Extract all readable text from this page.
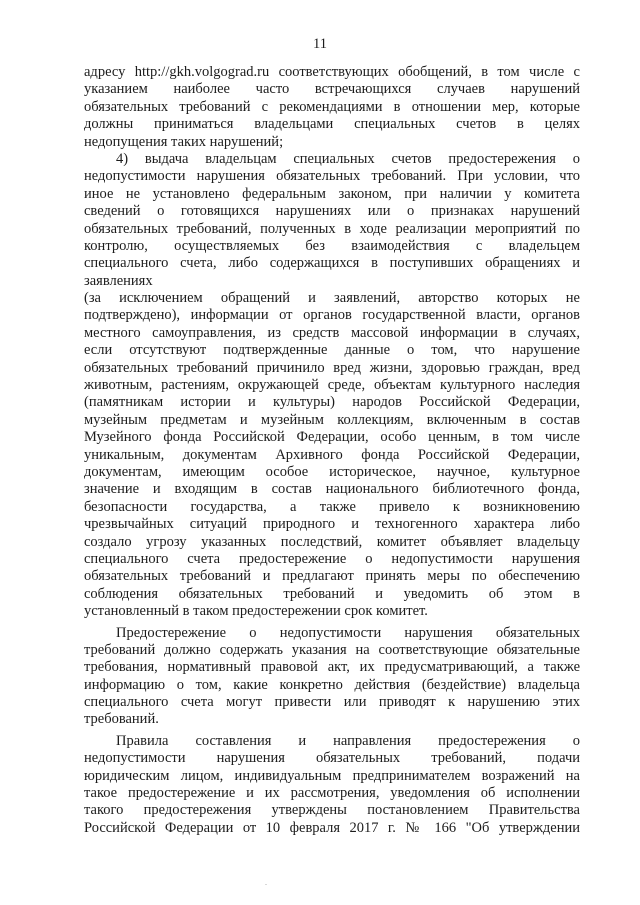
11
адресу http://gkh.volgograd.ru соответствующих обобщений, в том числе с
указанием наиболее часто встречающихся случаев нарушений
обязательных требований с рекомендациями в отношении мер, которые
должны приниматься владельцами специальных счетов в целях
недопущения таких нарушений;
4) выдача владельцам специальных счетов предостережения о
недопустимости нарушения обязательных требований. При условии, что
иное не установлено федеральным законом, при наличии у комитета
сведений о готовящихся нарушениях или о признаках нарушений
обязательных требований, полученных в ходе реализации мероприятий по
контролю, осуществляемых без взаимодействия с владельцем
специального счета, либо содержащихся в поступивших обращениях и
заявлениях
(за исключением обращений и заявлений, авторство которых не
подтверждено), информации от органов государственной власти, органов
местного самоуправления, из средств массовой информации в случаях,
если отсутствуют подтвержденные данные о том, что нарушение
обязательных требований причинило вред жизни, здоровью граждан, вред
животным, растениям, окружающей среде, объектам культурного наследия
(памятникам истории и культуры) народов Российской Федерации,
музейным предметам и музейным коллекциям, включенным в состав
Музейного фонда Российской Федерации, особо ценным, в том числе
уникальным, документам Архивного фонда Российской Федерации,
документам, имеющим особое историческое, научное, культурное
значение и входящим в состав национального библиотечного фонда,
безопасности государства, а также привело к возникновению
чрезвычайных ситуаций природного и техногенного характера либо
создало угрозу указанных последствий, комитет объявляет владельцу
специального счета предостережение о недопустимости нарушения
обязательных требований и предлагают принять меры по обеспечению
соблюдения обязательных требований и уведомить об этом в
установленный в таком предостережении срок комитет.
Предостережение о недопустимости нарушения обязательных
требований должно содержать указания на соответствующие обязательные
требования, нормативный правовой акт, их предусматривающий, а также
информацию о том, какие конкретно действия (бездействие) владельца
специального счета могут привести или приводят к нарушению этих
требований.
Правила составления и направления предостережения о
недопустимости нарушения обязательных требований, подачи
юридическим лицом, индивидуальным предпринимателем возражений на
такое предостережение и их рассмотрения, уведомления об исполнении
такого предостережения утверждены постановлением Правительства
Российской Федерации от 10 февраля 2017 г. № 166 "Об утверждении
.
